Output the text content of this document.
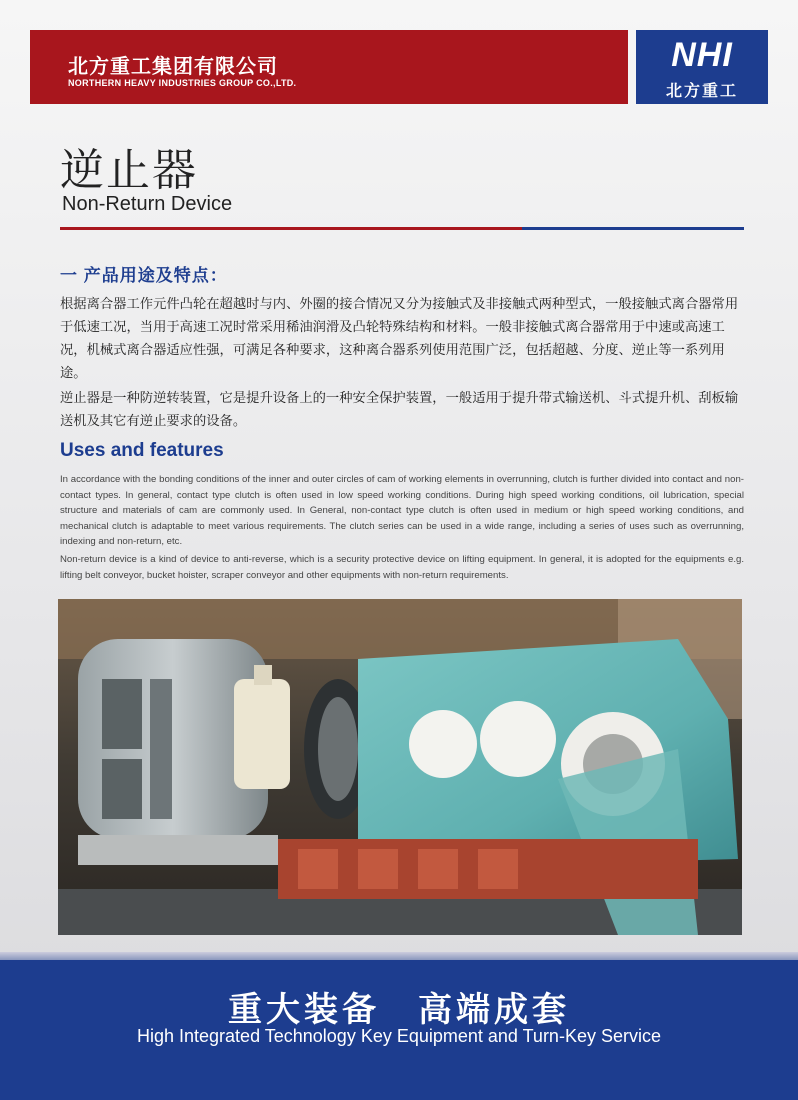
北方重工集团有限公司
NORTHERN HEAVY INDUSTRIES GROUP CO.,LTD.
NHI
北方重工
逆止器
Non-Return Device
一 产品用途及特点：
根据离合器工作元件凸轮在超越时与内、外圈的接合情况又分为接触式及非接触式两种型式，一般接触式离合器常用于低速工况，当用于高速工况时常采用稀油润滑及凸轮特殊结构和材料。一般非接触式离合器常用于中速或高速工况，机械式离合器适应性强，可满足各种要求，这种离合器系列使用范围广泛，包括超越、分度、逆止等一系列用途。
逆止器是一种防逆转装置，它是提升设备上的一种安全保护装置，一般适用于提升带式输送机、斗式提升机、刮板输送机及其它有逆止要求的设备。
Uses and features
In accordance with the bonding conditions of the inner and outer circles of cam of working elements in overrunning, clutch is further divided into contact and non-contact types. In general, contact type clutch is often used in low speed working conditions. During high speed working conditions, oil lubrication, special structure and materials of cam are commonly used. In General, non-contact type clutch is often used in medium or high speed working conditions, and mechanical clutch is adaptable to meet various requirements. The clutch series can be used in a wide range, including a series of uses such as overrunning, indexing and non-return, etc.
Non-return device is a kind of device to anti-reverse, which is a security protective device on lifting equipment. In general, it is adopted for the equipments e.g. lifting belt conveyor, bucket hoister, scraper conveyor and other equipments with non-return requirements.
重大装备　高端成套
High Integrated Technology Key Equipment and Turn-Key Service
